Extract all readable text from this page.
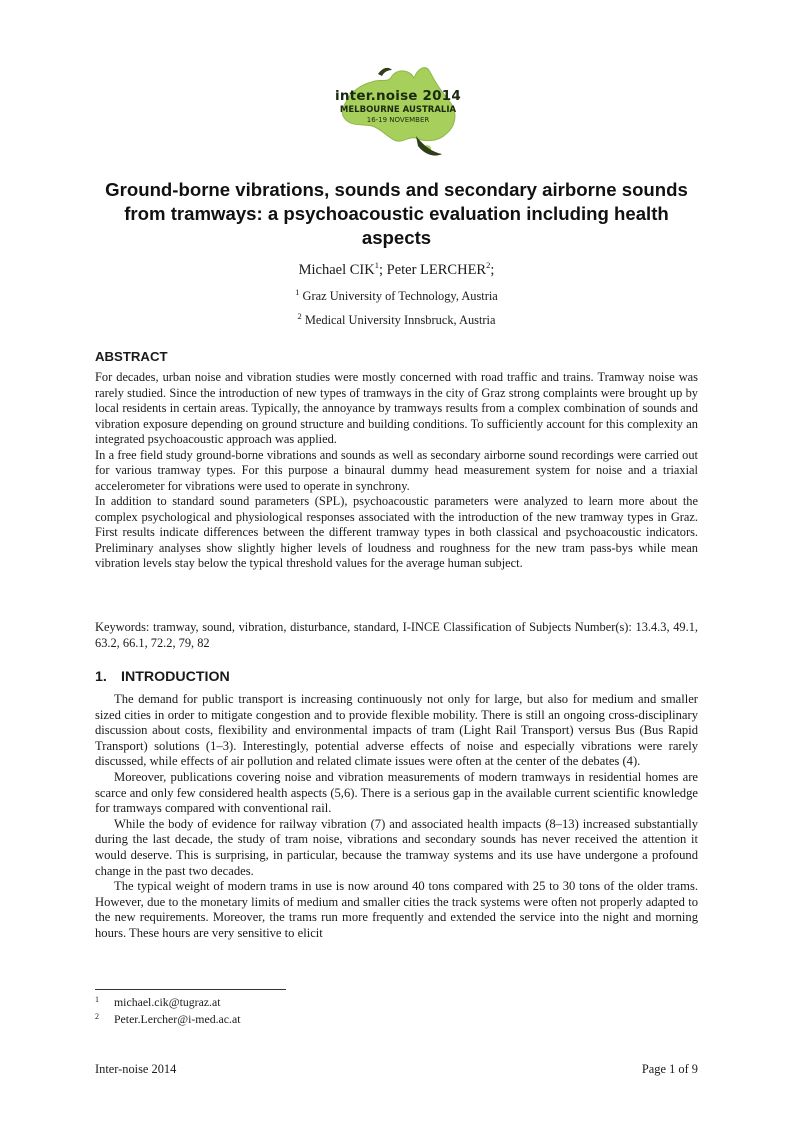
inter.noise 2014
MELBOURNE AUSTRALIA
16-19 NOVEMBER
Ground-borne vibrations, sounds and secondary airborne sounds from tramways: a psychoacoustic evaluation including health aspects
Michael CIK$^1$; Peter LERCHER$^2$;
$^1$ Graz University of Technology, Austria
$^2$ Medical University Innsbruck, Austria
ABSTRACT

For decades, urban noise and vibration studies were mostly concerned with road traffic and trains. Tramway noise was rarely studied. Since the introduction of new types of tramways in the city of Graz strong complaints were brought up by local residents in certain areas. Typically, the annoyance by tramways results from a complex combination of sounds and vibration exposure depending on ground structure and building conditions. To sufficiently account for this complexity an integrated psychoacoustic approach was applied.

In a free field study ground-borne vibrations and sounds as well as secondary airborne sound recordings were carried out for various tramway types. For this purpose a binaural dummy head measurement system for noise and a triaxial accelerometer for vibrations were used to operate in synchrony.

In addition to standard sound parameters (SPL), psychoacoustic parameters were analyzed to learn more about the complex psychological and physiological responses associated with the introduction of the new tramway types in Graz. First results indicate differences between the different tramway types in both classical and psychoacoustic indicators. Preliminary analyses show slightly higher levels of loudness and roughness for the new tram pass-bys while mean vibration levels stay below the typical threshold values for the average human subject.

Keywords: tramway, sound, vibration, disturbance, standard, I-INCE Classification of Subjects Number(s): 13.4.3, 49.1, 63.2, 66.1, 72.2, 79, 82

1. INTRODUCTION

The demand for public transport is increasing continuously not only for large, but also for medium and smaller sized cities in order to mitigate congestion and to provide flexible mobility. There is still an ongoing cross-disciplinary discussion about costs, flexibility and environmental impacts of tram (Light Rail Transport) versus Bus (Bus Rapid Transport) solutions (1–3). Interestingly, potential adverse effects of noise and especially vibrations were rarely discussed, while effects of air pollution and related climate issues were often at the center of the debates (4).

Moreover, publications covering noise and vibration measurements of modern tramways in residential homes are scarce and only few considered health aspects (5,6). There is a serious gap in the available current scientific knowledge for tramways compared with conventional rail.

While the body of evidence for railway vibration (7) and associated health impacts (8–13) increased substantially during the last decade, the study of tram noise, vibrations and secondary sounds has never received the attention it would deserve. This is surprising, in particular, because the tramway systems and its use have undergone a profound change in the past two decades.

The typical weight of modern trams in use is now around 40 tons compared with 25 to 30 tons of the older trams. However, due to the monetary limits of medium and smaller cities the track systems were often not properly adapted to the new requirements. Moreover, the trams run more frequently and extended the service into the night and morning hours. These hours are very sensitive to elicit

1 michael.cik@tugraz.at
2 Peter.Lercher@i-med.ac.at
Inter-noise 2014	Page 1 of 9
